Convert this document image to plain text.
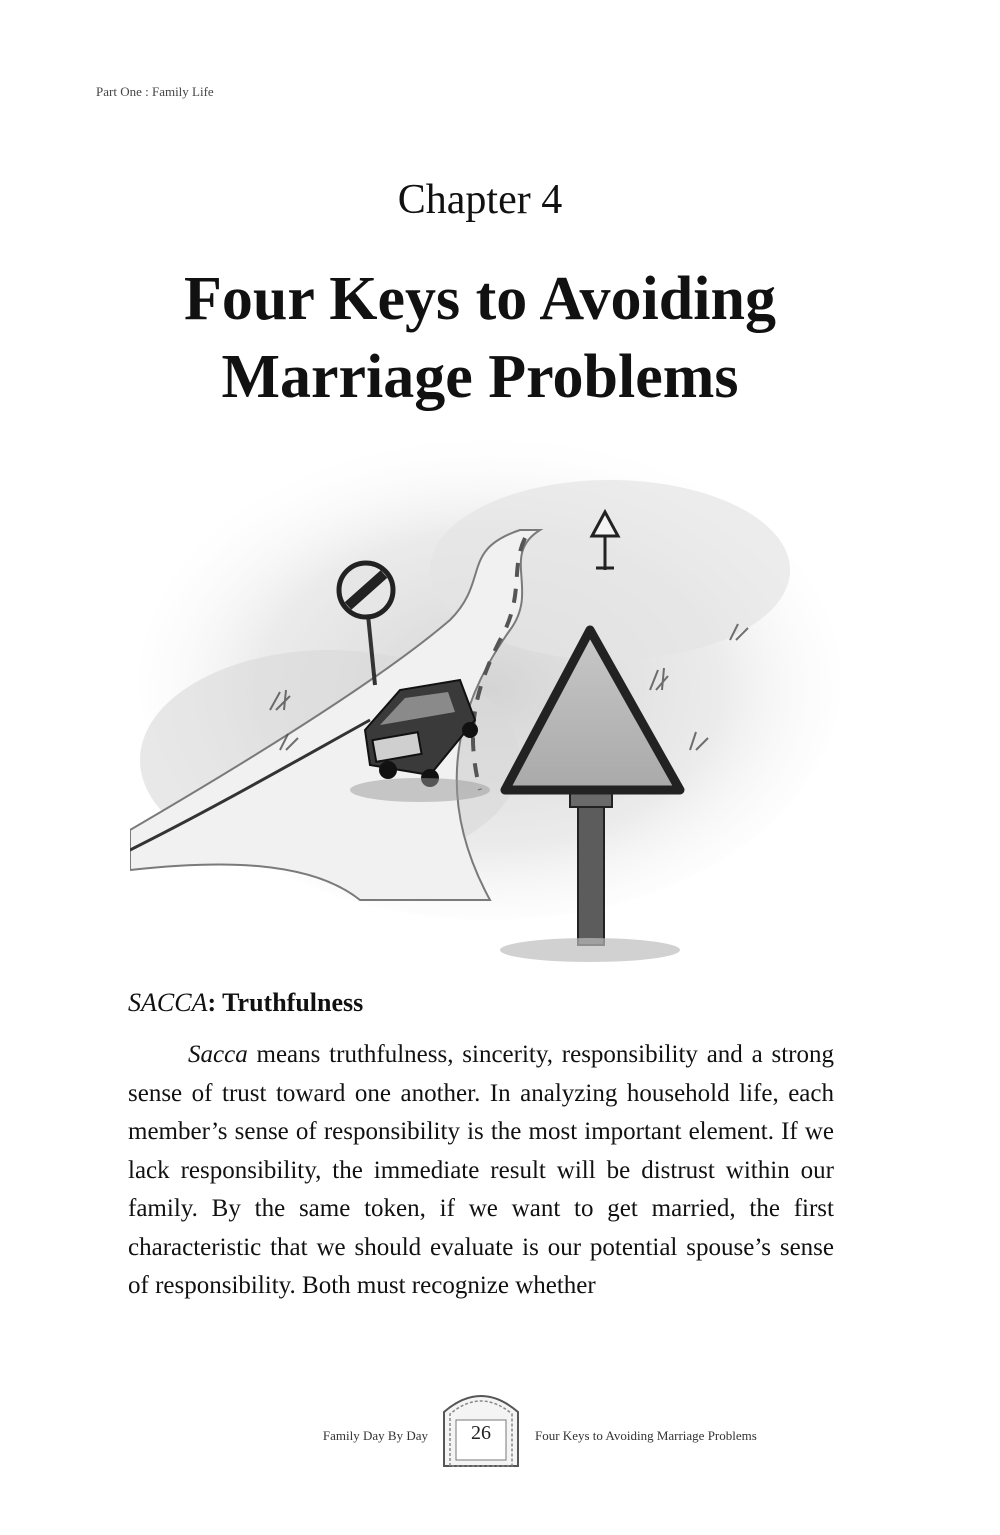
Part One : Family Life
Chapter 4
Four Keys to Avoiding
Marriage Problems
SACCA: Truthfulness

Sacca means truthfulness, sincerity, responsibility and a strong sense of trust toward one another. In analyzing household life, each member’s sense of responsibility is the most important element. If we lack responsibility, the immediate result will be distrust within our family. By the same token, if we want to get married, the first characteristic that we should evaluate is our potential spouse’s sense of responsibility. Both must recognize whether

Family Day By Day	26	Four Keys to Avoiding Marriage Problems
